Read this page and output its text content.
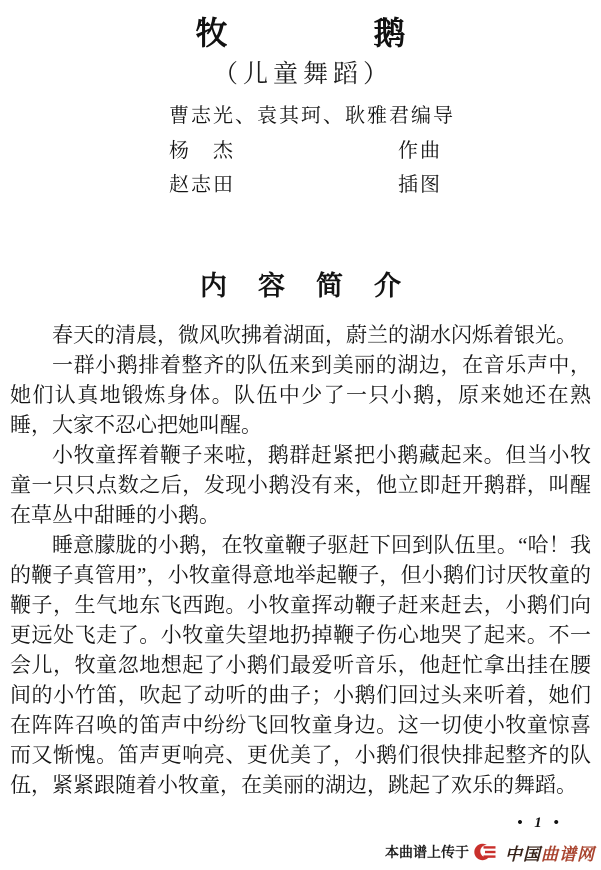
牧鹅
（儿童舞蹈）
曹志光、袁其珂、耿雅君编导
杨　杰	作曲
赵志田	插图
内容简介

春天的清晨，微风吹拂着湖面，蔚兰的湖水闪烁着银光。

一群小鹅排着整齐的队伍来到美丽的湖边，在音乐声中，她们认真地锻炼身体。队伍中少了一只小鹅，原来她还在熟睡，大家不忍心把她叫醒。

小牧童挥着鞭子来啦，鹅群赶紧把小鹅藏起来。但当小牧童一只只点数之后，发现小鹅没有来，他立即赶开鹅群，叫醒在草丛中甜睡的小鹅。

睡意朦胧的小鹅，在牧童鞭子驱赶下回到队伍里。“哈！我的鞭子真管用”，小牧童得意地举起鞭子，但小鹅们讨厌牧童的鞭子，生气地东飞西跑。小牧童挥动鞭子赶来赶去，小鹅们向更远处飞走了。小牧童失望地扔掉鞭子伤心地哭了起来。不一会儿，牧童忽地想起了小鹅们最爱听音乐，他赶忙拿出挂在腰间的小竹笛，吹起了动听的曲子；小鹅们回过头来听着，她们在阵阵召唤的笛声中纷纷飞回牧童身边。这一切使小牧童惊喜而又惭愧。笛声更响亮、更优美了，小鹅们很快排起整齐的队伍，紧紧跟随着小牧童，在美丽的湖边，跳起了欢乐的舞蹈。

• 1 •
本曲谱上传于 中国曲谱网
